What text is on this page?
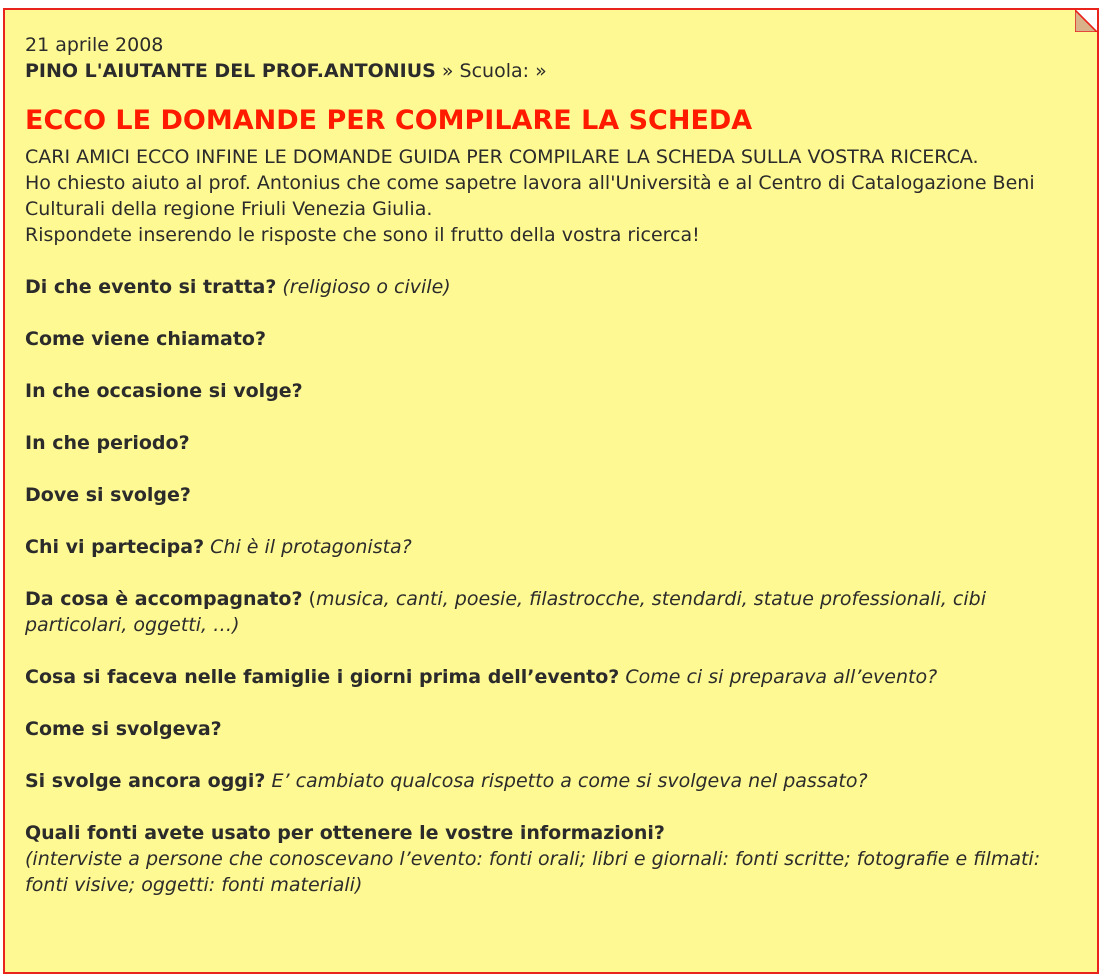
21 aprile 2008

PINO L'AIUTANTE DEL PROF.ANTONIUS » Scuola: »

ECCO LE DOMANDE PER COMPILARE LA SCHEDA

CARI AMICI ECCO INFINE LE DOMANDE GUIDA PER COMPILARE LA SCHEDA SULLA VOSTRA RICERCA.
Ho chiesto aiuto al prof. Antonius che come sapetre lavora all'Università e al Centro di Catalogazione Beni Culturali della regione Friuli Venezia Giulia.
Rispondete inserendo le risposte che sono il frutto della vostra ricerca!

Di che evento si tratta? (religioso o civile)
Come viene chiamato?
In che occasione si volge?
In che periodo?
Dove si svolge?
Chi vi partecipa? Chi è il protagonista?
Da cosa è accompagnato? (musica, canti, poesie, filastrocche, stendardi, statue professionali, cibi particolari, oggetti, …)
Cosa si faceva nelle famiglie i giorni prima dell’evento? Come ci si preparava all’evento?
Come si svolgeva?
Si svolge ancora oggi? E’ cambiato qualcosa rispetto a come si svolgeva nel passato?
Quali fonti avete usato per ottenere le vostre informazioni?
(interviste a persone che conoscevano l’evento: fonti orali; libri e giornali: fonti scritte; fotografie e filmati: fonti visive; oggetti: fonti materiali)
